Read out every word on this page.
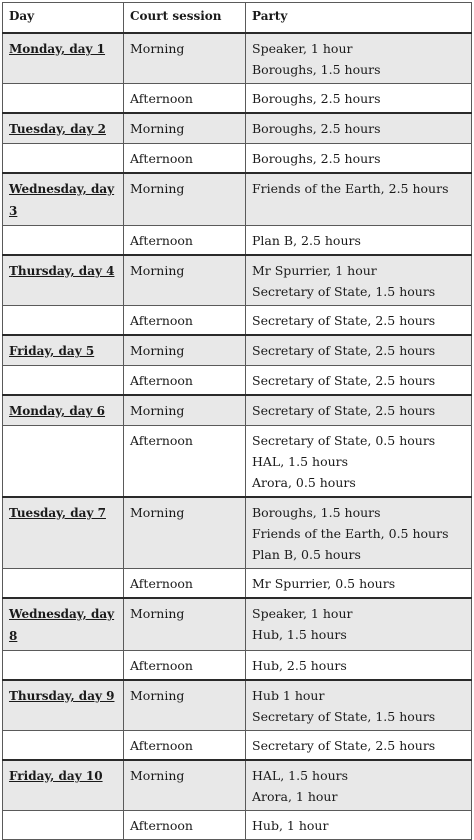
Day	Court session	Party
Monday, day 1	Morning	Speaker, 1 hour
Boroughs, 1.5 hours

	Afternoon	Boroughs, 2.5 hours

Tuesday, day 2	Morning	Boroughs, 2.5 hours

	Afternoon	Boroughs, 2.5 hours

Wednesday, day 3	Morning	Friends of the Earth, 2.5 hours

	Afternoon	Plan B, 2.5 hours

Thursday, day 4	Morning	Mr Spurrier, 1 hour
Secretary of State, 1.5 hours

	Afternoon	Secretary of State, 2.5 hours

Friday, day 5	Morning	Secretary of State, 2.5 hours

	Afternoon	Secretary of State, 2.5 hours

Monday, day 6	Morning	Secretary of State, 2.5 hours

	Afternoon	Secretary of State, 0.5 hours
HAL, 1.5 hours
Arora, 0.5 hours

Tuesday, day 7	Morning	Boroughs, 1.5 hours
Friends of the Earth, 0.5 hours
Plan B, 0.5 hours

	Afternoon	Mr Spurrier, 0.5 hours

Wednesday, day 8	Morning	Speaker, 1 hour
Hub, 1.5 hours

	Afternoon	Hub, 2.5 hours

Thursday, day 9	Morning	Hub 1 hour
Secretary of State, 1.5 hours

	Afternoon	Secretary of State, 2.5 hours

Friday, day 10	Morning	HAL, 1.5 hours
Arora, 1 hour

	Afternoon	Hub, 1 hour
